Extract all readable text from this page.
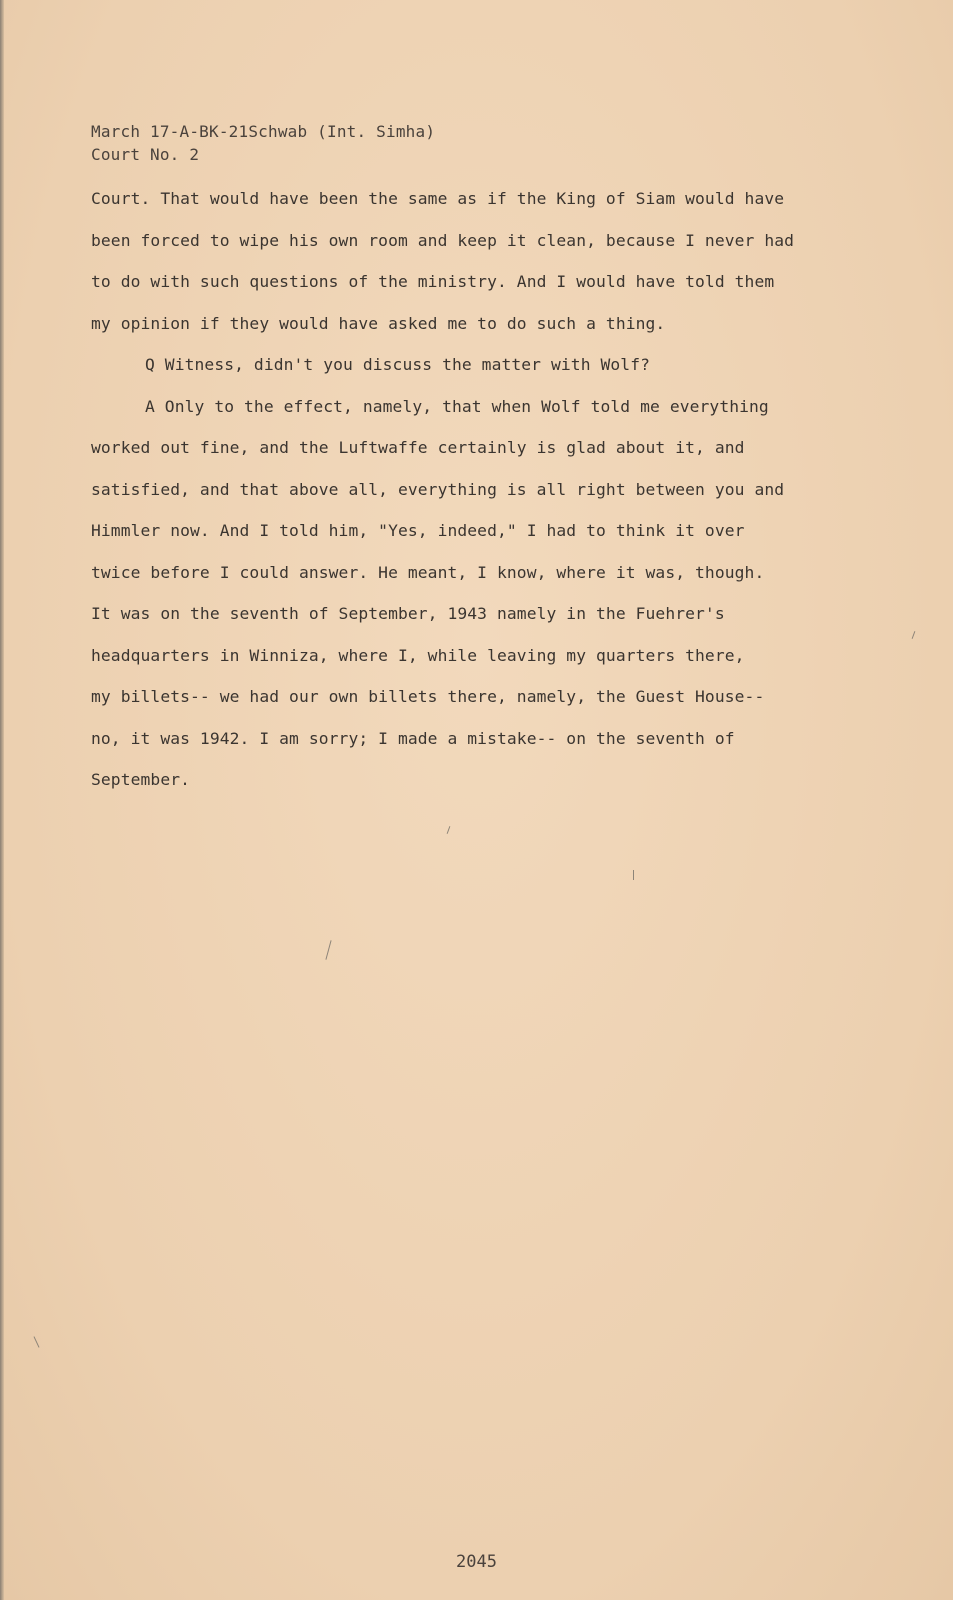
March 17-A-BK-21Schwab (Int. Simha)
Court No. 2
Court. That would have been the same as if the King of Siam would have
been forced to wipe his own room and keep it clean, because I never had
to do with such questions of the ministry. And I would have told them
my opinion if they would have asked me to do such a thing.
Q Witness, didn't you discuss the matter with Wolf?
A Only to the effect, namely, that when Wolf told me everything
worked out fine, and the Luftwaffe certainly is glad about it, and
satisfied, and that above all, everything is all right between you and
Himmler now. And I told him, "Yes, indeed," I had to think it over
twice before I could answer. He meant, I know, where it was, though.
It was on the seventh of September, 1943 namely in the Fuehrer's
headquarters in Winniza, where I, while leaving my quarters there,
my billets-- we had our own billets there, namely, the Guest House--
no, it was 1942. I am sorry; I made a mistake-- on the seventh of
September.
2045
